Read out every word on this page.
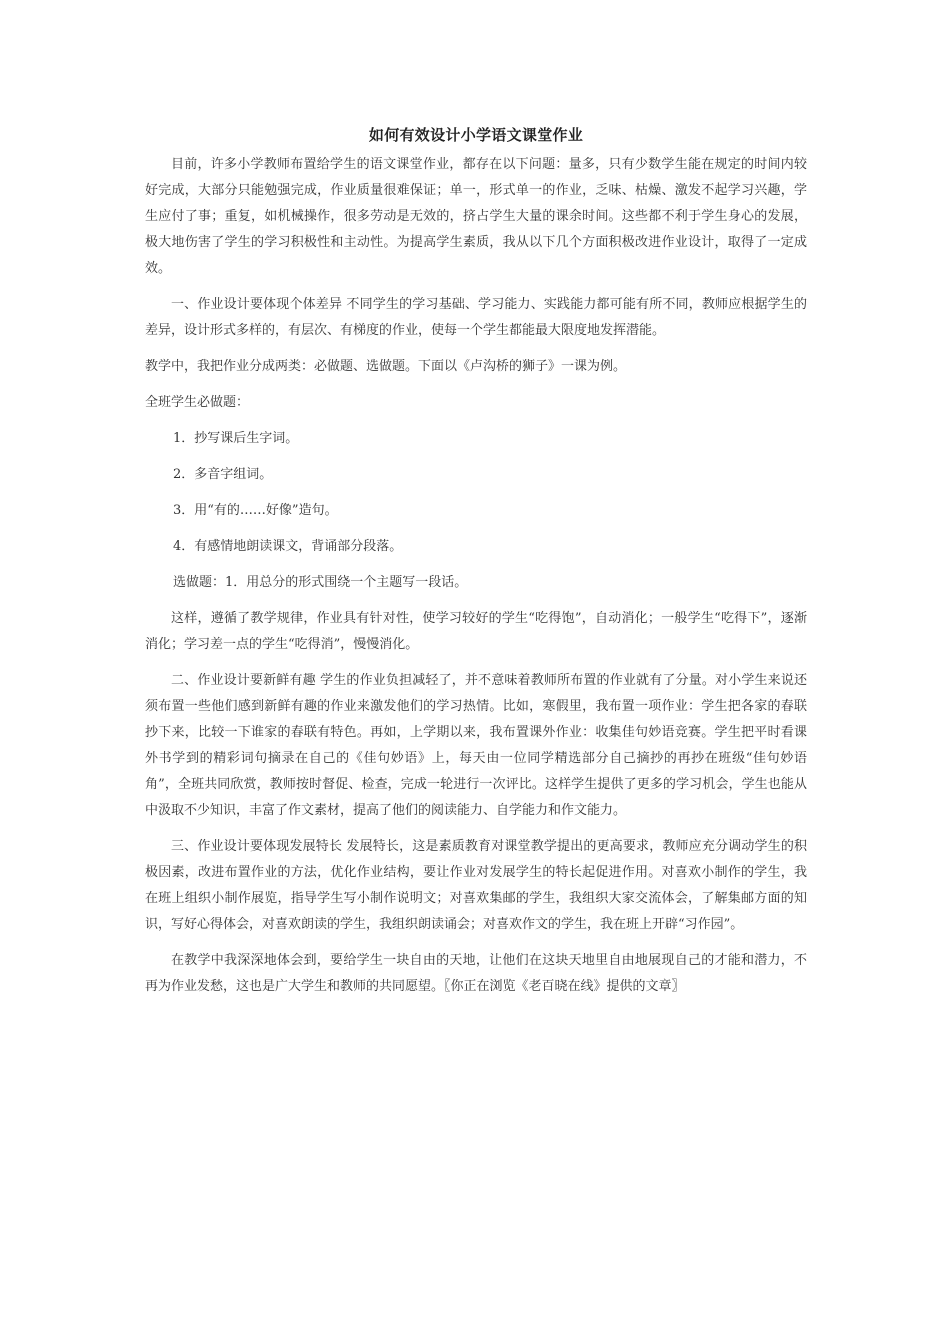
如何有效设计小学语文课堂作业

目前，许多小学教师布置给学生的语文课堂作业，都存在以下问题：量多，只有少数学生能在规定的时间内较好完成，大部分只能勉强完成，作业质量很难保证；单一，形式单一的作业，乏味、枯燥、激发不起学习兴趣，学生应付了事；重复，如机械操作，很多劳动是无效的，挤占学生大量的课余时间。这些都不利于学生身心的发展，极大地伤害了学生的学习积极性和主动性。为提高学生素质，我从以下几个方面积极改进作业设计，取得了一定成效。

一、作业设计要体现个体差异 不同学生的学习基础、学习能力、实践能力都可能有所不同，教师应根据学生的差异，设计形式多样的，有层次、有梯度的作业，使每一个学生都能最大限度地发挥潜能。

教学中，我把作业分成两类：必做题、选做题。下面以《卢沟桥的狮子》一课为例。

全班学生必做题：

1．抄写课后生字词。

2．多音字组词。

3．用“有的……好像”造句。

4．有感情地朗读课文，背诵部分段落。

选做题：1．用总分的形式围绕一个主题写一段话。

这样，遵循了教学规律，作业具有针对性，使学习较好的学生“吃得饱”，自动消化；一般学生“吃得下”，逐渐消化；学习差一点的学生“吃得消”，慢慢消化。

二、作业设计要新鲜有趣 学生的作业负担减轻了，并不意味着教师所布置的作业就有了分量。对小学生来说还须布置一些他们感到新鲜有趣的作业来激发他们的学习热情。比如，寒假里，我布置一项作业：学生把各家的春联抄下来，比较一下谁家的春联有特色。再如，上学期以来，我布置课外作业：收集佳句妙语竞赛。学生把平时看课外书学到的精彩词句摘录在自己的《佳句妙语》上，每天由一位同学精选部分自己摘抄的再抄在班级“佳句妙语角”，全班共同欣赏，教师按时督促、检查，完成一轮进行一次评比。这样学生提供了更多的学习机会，学生也能从中汲取不少知识，丰富了作文素材，提高了他们的阅读能力、自学能力和作文能力。

三、作业设计要体现发展特长 发展特长，这是素质教育对课堂教学提出的更高要求，教师应充分调动学生的积极因素，改进布置作业的方法，优化作业结构，要让作业对发展学生的特长起促进作用。对喜欢小制作的学生，我在班上组织小制作展览，指导学生写小制作说明文；对喜欢集邮的学生，我组织大家交流体会，了解集邮方面的知识，写好心得体会，对喜欢朗读的学生，我组织朗读诵会；对喜欢作文的学生，我在班上开辟“习作园”。

在教学中我深深地体会到，要给学生一块自由的天地，让他们在这块天地里自由地展现自己的才能和潜力，不再为作业发愁，这也是广大学生和教师的共同愿望。〖你正在浏览《老百晓在线》提供的文章〗
